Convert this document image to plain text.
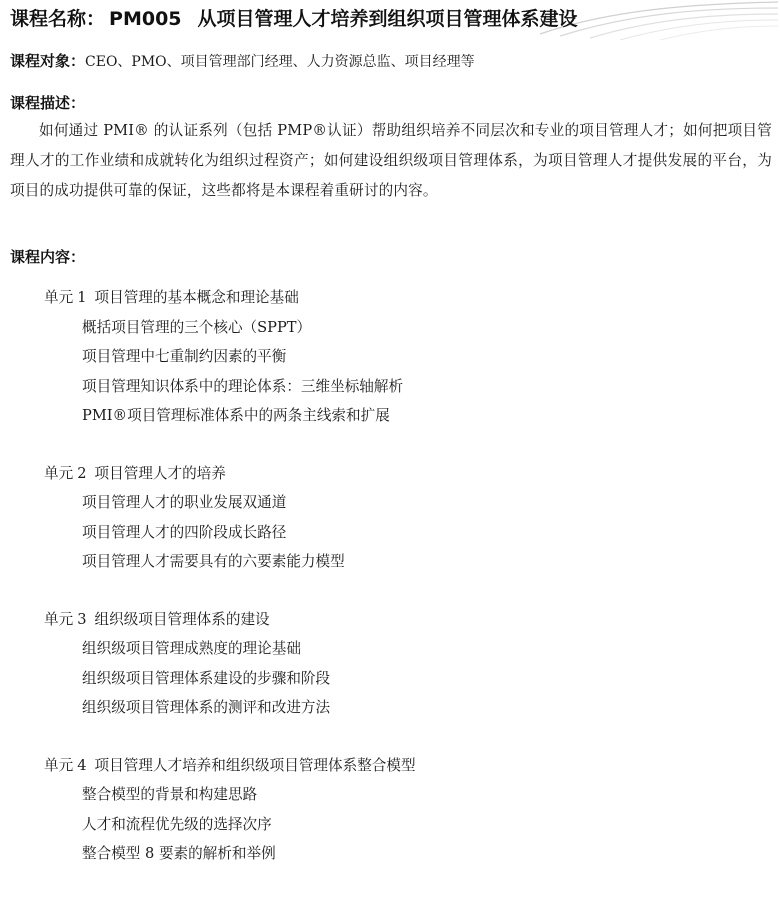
课程名称： PM005 从项目管理人才培养到组织项目管理体系建设
课程对象：CEO、PMO、项目管理部门经理、人力资源总监、项目经理等
课程描述：
如何通过 PMI® 的认证系列（包括 PMP®认证）帮助组织培养不同层次和专业的项目管理人才；如何把项目管理人才的工作业绩和成就转化为组织过程资产；如何建设组织级项目管理体系，为项目管理人才提供发展的平台，为项目的成功提供可靠的保证，这些都将是本课程着重研讨的内容。
课程内容：
单元 1 项目管理的基本概念和理论基础
概括项目管理的三个核心（SPPT）
项目管理中七重制约因素的平衡
项目管理知识体系中的理论体系：三维坐标轴解析
PMI®项目管理标准体系中的两条主线索和扩展
单元 2 项目管理人才的培养
项目管理人才的职业发展双通道
项目管理人才的四阶段成长路径
项目管理人才需要具有的六要素能力模型
单元 3 组织级项目管理体系的建设
组织级项目管理成熟度的理论基础
组织级项目管理体系建设的步骤和阶段
组织级项目管理体系的测评和改进方法
单元 4 项目管理人才培养和组织级项目管理体系整合模型
整合模型的背景和构建思路
人才和流程优先级的选择次序
整合模型 8 要素的解析和举例
